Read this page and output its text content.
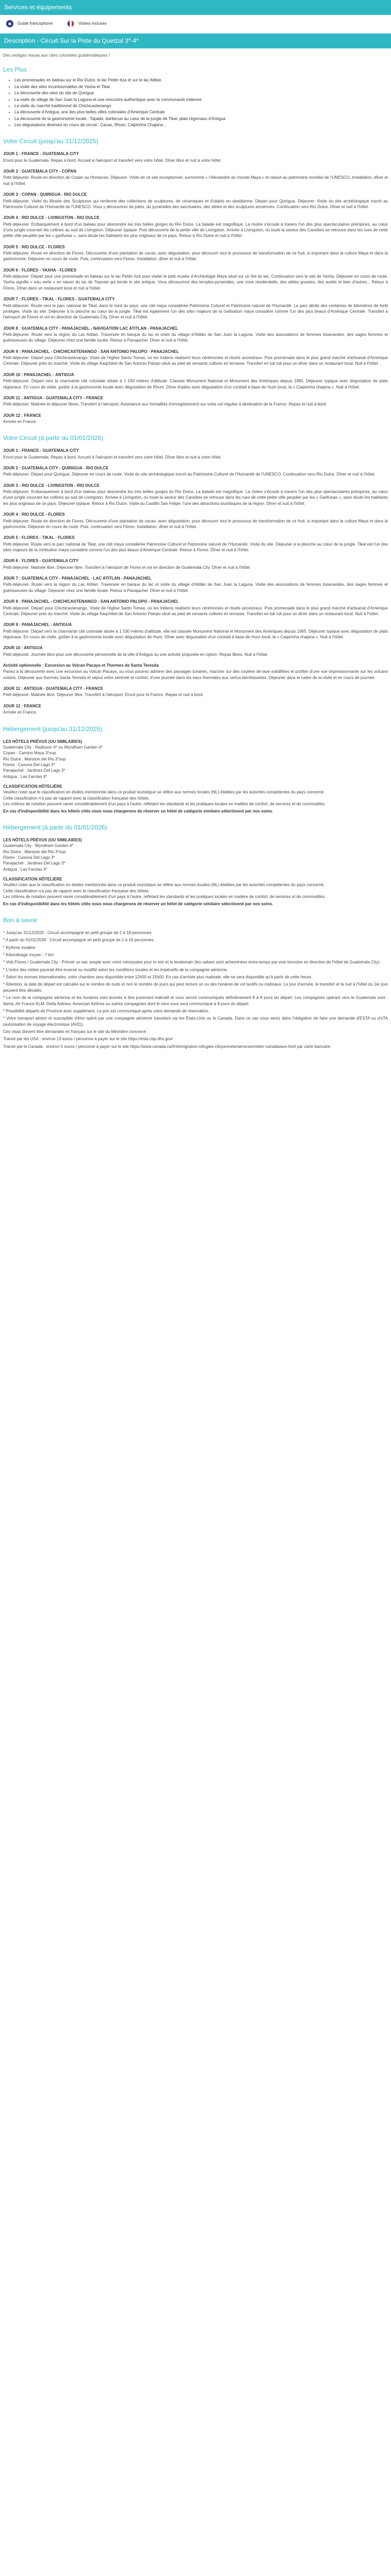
Services et équipements
☻ Guide francophone	Visites incluses
Description - Circuit Sur la Piste du Quetzal 3*-4*

Des vestiges mayas aux cités coloniales guatémaltèques !

Les Plus
• Les promenades en bateau sur le Rio Dulce, le lac Petén Itza et sur le lac Atitlan
• La visite des sites incontournables de Yaxha et Tikal
• La découverte des sites du site de Quirigua
• La visite du village de San Juan la Laguna et une rencontre authentique avec la communauté indienne
• La visite du marché traditionnel de Chichicastenango
• La découverte d'Antigua, une des plus belles villes coloniales d'Amérique Centrale
• La découverte de la gastronomie locale : Tapado, barbecue au cœur de la jungle de Tikal, plats régionaux d'Antigua
• Les dégustations diverses en cours de circuit : Cacao, Rhum, Caipirinha Chapina...
Votre Circuit (jusqu'au 31/12/2025)
JOUR 1 : FRANCE - GUATEMALA CITY
Envol pour le Guatemala. Repas à bord. Accueil à l'aéroport et transfert vers votre hôtel. Dîner libre et nuit à votre hôtel.
JOUR 2 : GUATEMALA CITY - COPAN
Petit-déjeuner. Route en direction de Copán au Honduras. Déjeuner. Visite de ce site exceptionnel, surnommé « l'Alexandrie du monde Maya » et classé au patrimoine mondial de l'UNESCO. Installation, dîner et nuit à l'hôtel.
JOUR 3 : COPAN - QUIRIGUA - RIO DULCE
Petit-déjeuner. Visite du Musée des Sculptures qui renferme des collections de sculptures, de céramiques et d'objets en obsidienne. Départ pour Quirigua. Déjeuner. Visite du site archéologique inscrit au Patrimoine Culturel de l'Humanité de l'UNESCO. Vous y découvrirez de jolies, du pyramides des sanctuaires, des stèles et des sculptures anciennes. Continuation vers Rio Dulce. Dîner et nuit à l'hôtel.
JOUR 4 : RIO DULCE - LIVINGSTON - RIO DULCE
Petit-déjeuner. Embarquement à bord d'un bateau pour descendre les très belles gorges du Rio Dulce. La balade est magnifique. La rivière s'écoule à travers l'un des plus spectaculaires précipices, au cœur d'une jungle couvrant les collines au sud de Livingston. Déjeuner typique. Puis découverte de la petite ville de Livingston. Arrivée à Livingston, où toute la saveur des Caraïbes se retrouve dans les rues de cette petite ville peuplée par les « garifunas », sans doute les habitants les plus originaux de ce pays. Retour à Rio Dulce et nuit à l'hôtel.
JOUR 5 : RIO DULCE - FLORES
Petit-déjeuner. Route en direction de Flores. Découverte d'une plantation de cacao, avec dégustation, pour découvrir tout le processus de transformation de ce fruit, si important dans la culture Maya et dans la gastronomie. Déjeuner en cours de route. Puis, continuation vers Flores. Installation, dîner et nuit à l'hôtel.
JOUR 6 : FLORES - YAXHA - FLORES
Petit-déjeuner. Départ pour une promenade en bateau sur le lac Petén Itzá pour visiter le petit musée d'Archéologie Maya situé sur un îlot du lac. Continuation vers le site de Yaxha. Déjeuner en cours de route. Yaxha signifie « eau verte » en raison du lac de Topoxte qui borde le site antique. Vous découvrirez des temples-pyramides, une zone résidentielle, des stèles gravées, des autels et bien d'autres... Retour à Flores. Dîner dans un restaurant local et nuit à l'hôtel.
JOUR 7 : FLORES - TIKAL - FLORES - GUATEMALA CITY
Petit-déjeuner. Route vers le parc national de Tikal, dans le nord du pays, une cité maya considérée Patrimoine Culturel et Patrimoine naturel de l'Humanité. Le parc abrite des centaines de kilomètres de forêt protégée. Visite du site. Déjeuner à la planche au cœur de la jungle. Tikal est également l'un des sites majeurs de la civilisation maya considéré comme l'un des plus beaux d'Amérique Centrale. Transfert à l'aéroport de Flores et vol en direction de Guatemala City. Dîner et nuit à l'hôtel.
JOUR 8 : GUATEMALA CITY - PANAJACHEL - NAVIGATION LAC ATITLAN - PANAJACHEL
Petit-déjeuner. Route vers la région du Lac Atitlan. Traversée en barque du lac et visite du village d'Atitlán de San Juan la Laguna. Visite des associations de femmes tisserandes, des sages femmes et guérisseuses du village. Déjeuner chez une famille locale. Retour à Panajachel. Dîner et nuit à l'hôtel.
JOUR 9 : PANAJACHEL - CHICHICASTENANGO - SAN ANTONIO PALOPO - PANAJACHEL
Petit-déjeuner. Départ pour Chichicastenango. Visite de l'église Santo Tomas, où les Indiens réalisent leurs cérémonies et rituels ancestraux. Puis promenade dans le plus grand marché d'artisanat d'Amérique Centrale. Déjeuner près du marché. Visite du village Kaqchikel de San Antonio Palopo situé au pied de versants cultivés en terrasse. Transfert en tuk tuk pour un dîner dans un restaurant local. Nuit à l'hôtel.
JOUR 10 : PANAJACHEL - ANTIGUA
Petit-déjeuner. Départ vers la charmante cité coloniale située à 1 530 mètres d'altitude. Classée Monument National et Monument des Amériques depuis 1965. Déjeuner typique avec dégustation de plats régionaux. En cours de visite, goûter à la gastronomie locale avec dégustation de Rhum. Dîner d'adieu avec dégustation d'un cocktail à base de rhum local, la « Caipirinha chapina ». Nuit à l'hôtel.
JOUR 11 : ANTIGUA - GUATEMALA CITY - FRANCE
Petit-déjeuner. Matinée et déjeuner libres. Transfert à l'aéroport. Assistance aux formalités d'enregistrement sur votre vol régulier à destination de la France. Repas et nuit à bord.
JOUR 12 : FRANCE
Arrivée en France.
Votre Circuit (à partir du 01/01/2026)
JOUR 1 : FRANCE - GUATEMALA CITY
Envol pour le Guatemala. Repas à bord. Accueil à l'aéroport et transfert vers votre hôtel. Dîner libre et nuit à votre hôtel.
JOUR 2 : GUATEMALA CITY - QUIRIGUA - RIO DULCE
Petit-déjeuner. Départ pour Quirigua. Déjeuner en cours de route. Visite du site archéologique inscrit au Patrimoine Culturel de l'Humanité de l'UNESCO. Continuation vers Rio Dulce. Dîner et nuit à l'hôtel.
JOUR 3 : RIO DULCE - LIVINGSTON - RIO DULCE
Petit-déjeuner. Embarquement à bord d'un bateau pour descendre les très belles gorges du Rio Dulce. La balade est magnifique. La rivière s'écoule à travers l'un des plus spectaculaires précipices, au cœur d'une jungle couvrant les collines au sud de Livingston. Arrivée à Livingston, où toute la saveur des Caraïbes se retrouve dans les rues de cette petite ville peuplée par les « Garifunas », sans doute les habitants les plus originaux de ce pays. Déjeuner typique. Retour à Rio Dulce. Visite du Castillo San Felipe, l'une des attractions touristiques de la région. Dîner et nuit à l'hôtel.
JOUR 4 : RIO DULCE - FLORES
Petit-déjeuner. Route en direction de Flores. Découverte d'une plantation de cacao, avec dégustation, pour découvrir tout le processus de transformation de ce fruit, si important dans la culture Maya et dans la gastronomie. Déjeuner en cours de route. Puis, continuation vers Flores. Installation, dîner et nuit à l'hôtel.
JOUR 5 : FLORES - TIKAL - FLORES
Petit-déjeuner. Route vers le parc national de Tikal, une cité maya considérée Patrimoine Culturel et Patrimoine naturel de l'Humanité. Visite du site. Déjeuner à la planche au cœur de la jungle. Tikal est l'un des sites majeurs de la civilisation maya considéré comme l'un des plus beaux d'Amérique Centrale. Retour à Flores. Dîner et nuit à l'hôtel.
JOUR 6 : FLORES - GUATEMALA CITY
Petit-déjeuner. Matinée libre. Déjeuner libre. Transfert à l'aéroport de Flores et vol en direction de Guatemala City. Dîner et nuit à l'hôtel.
JOUR 7 : GUATEMALA CITY - PANAJACHEL - LAC ATITLAN - PANAJACHEL
Petit-déjeuner. Route vers la région du Lac Atitlan. Traversée en barque du lac et visite du village d'Atitlán de San Juan la Laguna. Visite des associations de femmes tisserandes, des sages femmes et guérisseuses du village. Déjeuner chez une famille locale. Retour à Panajachel. Dîner et nuit à l'hôtel.
JOUR 8 : PANAJACHEL - CHICHICASTENANGO - SAN ANTONIO PALOPO - PANAJACHEL
Petit-déjeuner. Départ pour Chichicastenango. Visite de l'église Santo Tomas, où les Indiens réalisent leurs cérémonies et rituels ancestraux. Puis promenade dans le plus grand marché d'artisanat d'Amérique Centrale. Déjeuner près du marché. Visite du village Kaqchikel de San Antonio Palopo situé au pied de versants cultivés en terrasse. Transfert en tuk tuk pour un dîner dans un restaurant local. Nuit à l'hôtel.
JOUR 9 : PANAJACHEL - ANTIGUA
Petit-déjeuner. Départ vers la charmante cité coloniale située à 1 530 mètres d'altitude, elle est classée Monument National et Monument des Amériques depuis 1965. Déjeuner typique avec dégustation de plats régionaux. En cours de visite, goûter à la gastronomie locale avec dégustation de rhum. Dîner avec dégustation d'un cocktail à base de rhum local, la « Caipirinha chapina ». Nuit à l'hôtel.
JOUR 10 : ANTIGUA
Petit-déjeuner. Journée libre pour une découverte personnelle de la ville d'Antigua ou une activité proposée en option. Repas libres. Nuit à l'hôtel.
Activité optionnelle : Excursion au Volcan Pacaya et Thermes de Santa Teresita
Partez à la découverte avec une excursion au Volcan Pacaya, ou vous pourrez admirer des paysages lunaires, marcher sur des coulées de lave solidifiées et profiter d'une vue impressionnante sur les volcans voisins. Déjeuner aux thermes Santa Teresita et séjour entre sérénité et confort, d'une journée dans les eaux thermales aux vertus bienfaisantes. Déjeuner dans le cadre de la visite et en cours de journée.
JOUR 11 : ANTIGUA - GUATEMALA CITY - FRANCE
Petit-déjeuner. Matinée libre. Déjeuner libre. Transfert à l'aéroport. Envol pour la France. Repas et nuit à bord.
JOUR 12 : FRANCE
Arrivée en France.
Hébergement (jusqu'au 31/12/2025)
LES HÔTELS PRÉVUS (OU SIMILAIRES)
Guatemala City : Radisson 4* ou Wyndham Garden 4*
Copan : Camino Maya 3*sup
Rio Dulce : Mansion del Rio 3*sup
Flores : Casona Del Lago 3*
Panajachel : Jardines Del Lago 3*
Antigua : Las Farolas 4*
CLASSIFICATION HÔTELIÈRE
Veuillez noter que le classification en étoiles mentionnée dans ce produit touristique se réfère aux normes locales (NL) établies par les autorités compétentes du pays concerné.
Cette classification n'a pas de rapport avec la classification française des hôtels.
Les critères de notation peuvent varier considérablement d'un pays à l'autre, reflétant les standards et les pratiques locales en matière de confort, de services et de commodités.
En cas d'indisponibilité dans les hôtels cités nous nous chargerons de réserver un hôtel de catégorie similaire sélectionné par nos soins.
Hébergement (à partir du 01/01/2026)
LES HÔTELS PRÉVUS (OU SIMILAIRES)
Guatemala City : Wyndham Garden 4*
Rio Dulce : Mansion del Rio 3*sup
Flores : Casona Del Lago 3*
Panajachel : Jardines Del Lago 3*
Antigua : Las Farolas 4*
CLASSIFICATION HÔTELIÈRE
Veuillez noter que le classification en étoiles mentionnée dans ce produit touristique se réfère aux normes locales (NL) établies par les autorités compétentes du pays concerné.
Cette classification n'a pas de rapport avec la classification française des hôtels.
Les critères de notation peuvent varier considérablement d'un pays à l'autre, reflétant les standards et les pratiques locales en matière de confort, de services et de commodités.
En cas d'indisponibilité dans les hôtels cités nous nous chargerons de réserver un hôtel de catégorie similaire sélectionné par nos soins.
Bon à savoir
* Jusqu'au 31/12/2025 : Circuit accompagné en petit groupe de 2 à 18 personnes
* A partir du 01/01/2026 : Circuit accompagné en petit groupe de 2 à 16 personnes
* Rythme modéré
* Kilométrage moyen : 7 km
* Vols Flores / Guatemala City : Prévoir un sac souple avec votre nécessaire pour le soir et le lendemain (les valises sont acheminées entre-temps par voie terrestre en direction de l'hôtel de Guatemala City).
* L'ordre des visites pourrait être inversé ou modifié selon les conditions locales et les impératifs de la compagnie aérienne.
* Selon les normes internationales, votre chambre sera disponible entre 12h00 et 15h00. En cas d'arrivée plus matinale, elle ne sera disponible qu'à partir de cette heure.
* Attention, la date de départ est calculée sur le nombre de nuits et non le nombre de jours qui peut inclure un ou des horaires de vol tardifs ou matinaux. Le jour d'arrivée, le transfert et la nuit à l'hôtel du 1er jour peuvent être décalés.
* Le nom de la compagnie aérienne et les horaires sont donnés à titre purement indicatif et vous seront communiqués définitivement 8 à 8 jours du départ. Les compagnies opérant vers le Guatemala sont : Iberia, Air France KLM, Delta Airlines, American Airlines ou autres compagnies dont le nom vous sera communiqué à 8 jours du départ.
* Possibilité départs de Province avec supplément. Le prix est communiqué après votre demande de réservation.
* Votre transport aérien et suscepible d'être opéré par une compagnie aérienne transitant via les États-Unis ou le Canada. Dans ce cas vous serez dans l'obligation de faire une demande d'ESTA ou d'eTA (autorisation de voyage électronique (AVE)).
Ces visas doivent être demandés en français sur le site du Ministère concerné :
Transit par les USA : environ 13 euros / personne à payer sur le site https://esta.cbp.dhs.gov/
Transit par le Canada : environ 5 euros / personne à payer sur le site https://www.canada.ca/fr/immigration-refugies-citoyennete/services/visiter-canada/ave.html par carte bancaire.
